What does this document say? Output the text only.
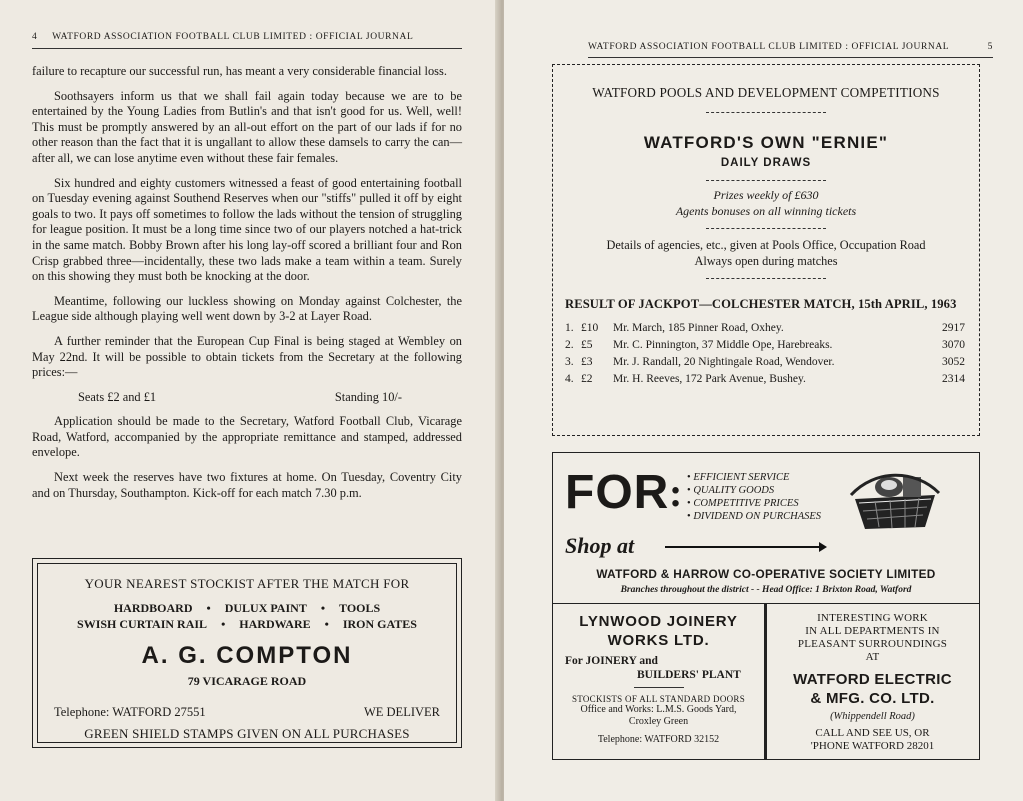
4 WATFORD ASSOCIATION FOOTBALL CLUB LIMITED : OFFICIAL JOURNAL

failure to recapture our successful run, has meant a very considerable financial loss.

Soothsayers inform us that we shall fail again today because we are to be entertained by the Young Ladies from Butlin's and that isn't good for us. Well, well! This must be promptly answered by an all-out effort on the part of our lads if for no other reason than the fact that it is ungallant to allow these damsels to carry the can—after all, we can lose anytime even without these fair females.

Six hundred and eighty customers witnessed a feast of good entertaining football on Tuesday evening against Southend Reserves when our "stiffs" pulled it off by eight goals to two. It pays off sometimes to follow the lads without the tension of struggling for league position. It must be a long time since two of our players notched a hat-trick in the same match. Bobby Brown after his long lay-off scored a brilliant four and Ron Crisp grabbed three—incidentally, these two lads make a team within a team. Surely on this showing they must both be knocking at the door.

Meantime, following our luckless showing on Monday against Colchester, the League side although playing well went down by 3-2 at Layer Road.

A further reminder that the European Cup Final is being staged at Wembley on May 22nd. It will be possible to obtain tickets from the Secretary at the following prices:—

Seats £2 and £1	Standing 10/-

Application should be made to the Secretary, Watford Football Club, Vicarage Road, Watford, accompanied by the appropriate remittance and stamped, addressed envelope.

Next week the reserves have two fixtures at home. On Tuesday, Coventry City and on Thursday, Southampton. Kick-off for each match 7.30 p.m.

YOUR NEAREST STOCKIST AFTER THE MATCH FOR
HARDBOARD • DULUX PAINT • TOOLS
SWISH CURTAIN RAIL • HARDWARE • IRON GATES
A. G. COMPTON
79 VICARAGE ROAD
Telephone: WATFORD 27551	WE DELIVER
GREEN SHIELD STAMPS GIVEN ON ALL PURCHASES
WATFORD ASSOCIATION FOOTBALL CLUB LIMITED : OFFICIAL JOURNAL	5
WATFORD POOLS AND DEVELOPMENT COMPETITIONS
WATFORD'S OWN "ERNIE"
DAILY DRAWS
Prizes weekly of £630
Agents bonuses on all winning tickets
Details of agencies, etc., given at Pools Office, Occupation Road
Always open during matches
RESULT OF JACKPOT—COLCHESTER MATCH, 15th APRIL, 1963
1.	£10	Mr. March, 185 Pinner Road, Oxhey.	2917
2.	£5	Mr. C. Pinnington, 37 Middle Ope, Harebreaks.	3070
3.	£3	Mr. J. Randall, 20 Nightingale Road, Wendover.	3052
4.	£2	Mr. H. Reeves, 172 Park Avenue, Bushey.	2314
FOR :	• EFFICIENT SERVICE
• QUALITY GOODS
• COMPETITIVE PRICES
• DIVIDEND ON PURCHASES
Shop at
WATFORD & HARROW CO-OPERATIVE SOCIETY LIMITED
Branches throughout the district - - Head Office: 1 Brixton Road, Watford
LYNWOOD JOINERY
WORKS LTD.
For JOINERY and
BUILDERS' PLANT
STOCKISTS OF ALL STANDARD DOORS
Office and Works: L.M.S. Goods Yard,
Croxley Green
Telephone: WATFORD 32152
INTERESTING WORK
IN ALL DEPARTMENTS IN
PLEASANT SURROUNDINGS
AT
WATFORD ELECTRIC
& MFG. CO. LTD.
(Whippendell Road)
CALL AND SEE US, OR
'PHONE WATFORD 28201
